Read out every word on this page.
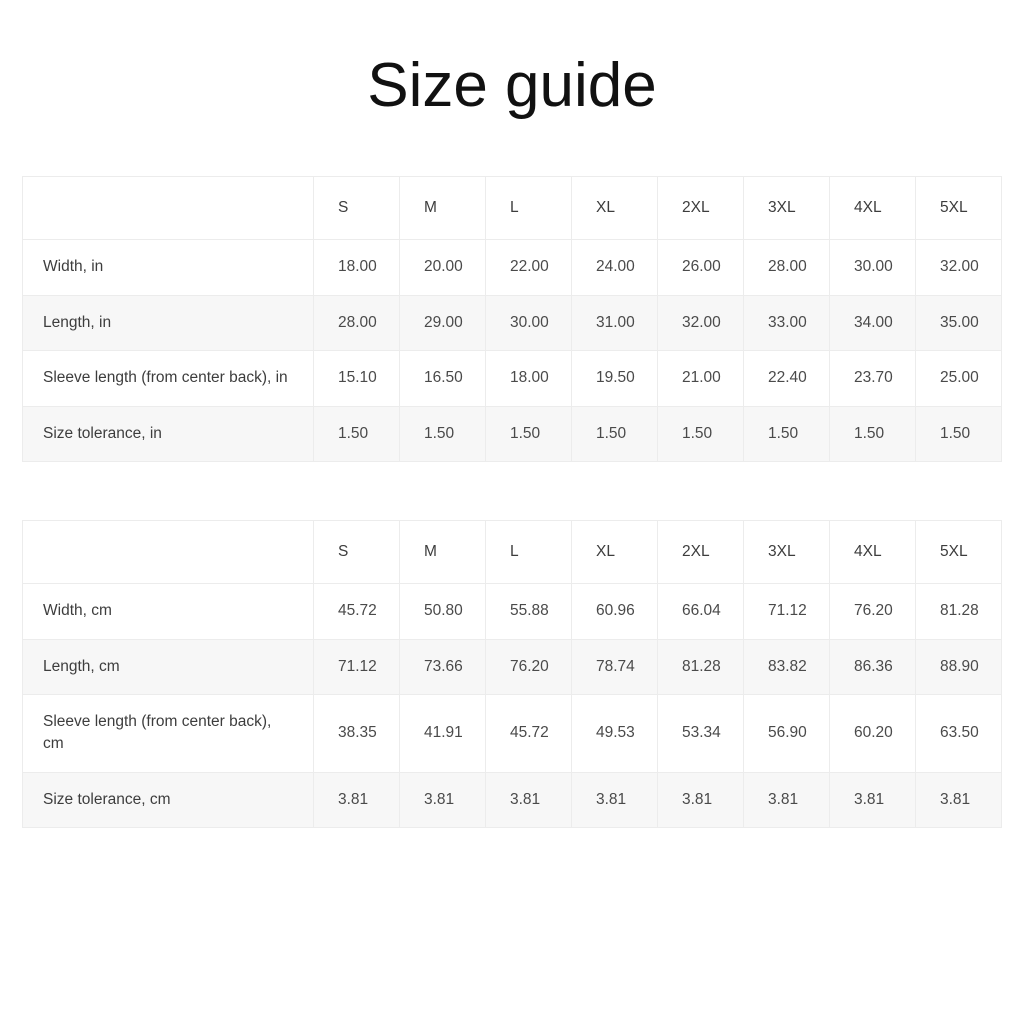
Size guide
	S	M	L	XL	2XL	3XL	4XL	5XL
Width, in	18.00	20.00	22.00	24.00	26.00	28.00	30.00	32.00
Length, in	28.00	29.00	30.00	31.00	32.00	33.00	34.00	35.00
Sleeve length (from center back), in	15.10	16.50	18.00	19.50	21.00	22.40	23.70	25.00
Size tolerance, in	1.50	1.50	1.50	1.50	1.50	1.50	1.50	1.50
	S	M	L	XL	2XL	3XL	4XL	5XL
Width, cm	45.72	50.80	55.88	60.96	66.04	71.12	76.20	81.28
Length, cm	71.12	73.66	76.20	78.74	81.28	83.82	86.36	88.90
Sleeve length (from center back), cm	38.35	41.91	45.72	49.53	53.34	56.90	60.20	63.50
Size tolerance, cm	3.81	3.81	3.81	3.81	3.81	3.81	3.81	3.81
